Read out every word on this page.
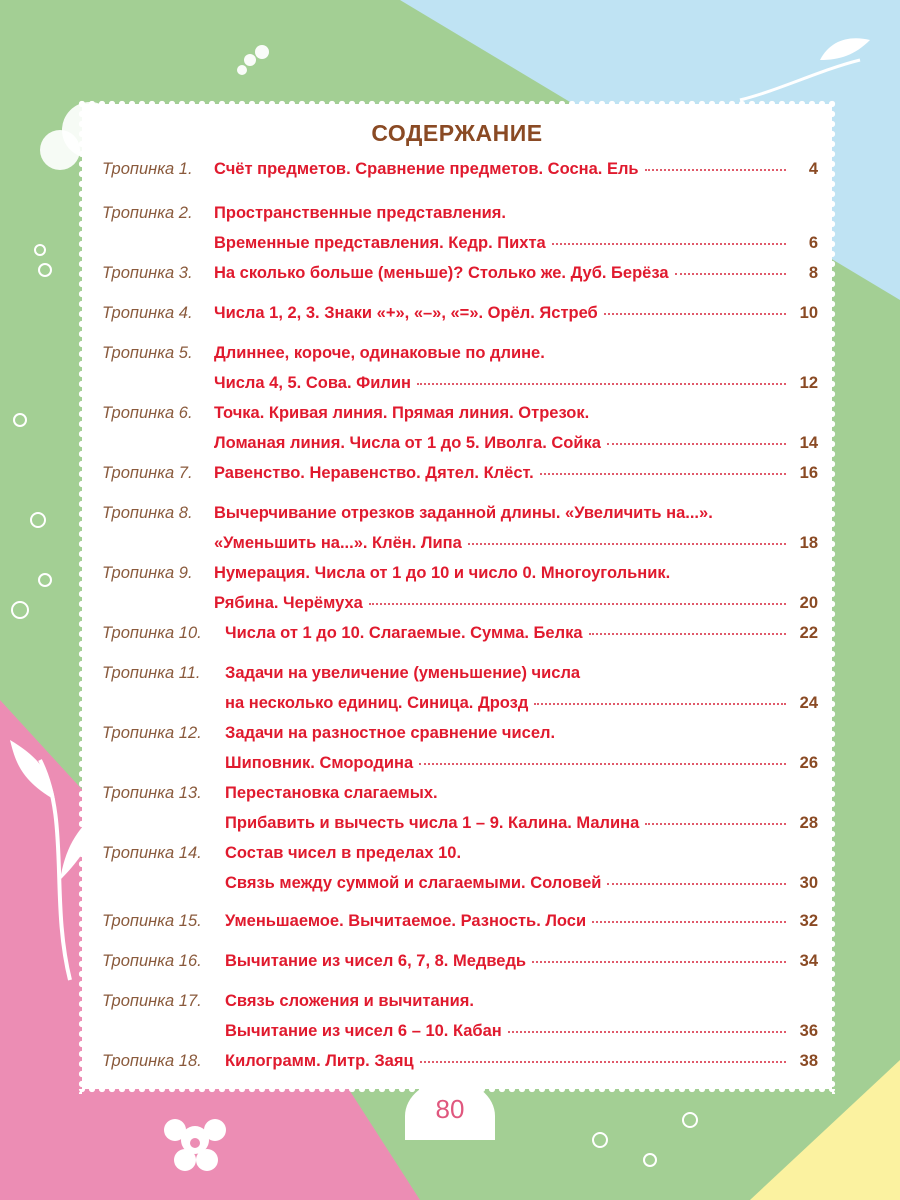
СОДЕРЖАНИЕ
Тропинка 1.	Счёт предметов. Сравнение предметов. Сосна. Ель	4
Тропинка 2.	Пространственные представления.
Временные представления. Кедр. Пихта	6
Тропинка 3.	На сколько больше (меньше)? Столько же. Дуб. Берёза	8
Тропинка 4.	Числа 1, 2, 3. Знаки «+», «–», «=». Орёл. Ястреб	10
Тропинка 5.	Длиннее, короче, одинаковые по длине.
Числа 4, 5. Сова. Филин	12
Тропинка 6.	Точка. Кривая линия. Прямая линия. Отрезок.
Ломаная линия. Числа от 1 до 5. Иволга. Сойка	14
Тропинка 7.	Равенство. Неравенство. Дятел. Клёст.	16
Тропинка 8.	Вычерчивание отрезков заданной длины. «Увеличить на...».
«Уменьшить на...». Клён. Липа	18
Тропинка 9.	Нумерация. Числа от 1 до 10 и число 0. Многоугольник.
Рябина. Черёмуха	20
Тропинка 10.	Числа от 1 до 10. Слагаемые. Сумма. Белка	22
Тропинка 11.	Задачи на увеличение (уменьшение) числа
на несколько единиц. Синица. Дрозд	24
Тропинка 12.	Задачи на разностное сравнение чисел.
Шиповник. Смородина	26
Тропинка 13.	Перестановка слагаемых.
Прибавить и вычесть числа 1 – 9. Калина. Малина	28
Тропинка 14.	Состав чисел в пределах 10.
Связь между суммой и слагаемыми. Соловей	30
Тропинка 15.	Уменьшаемое. Вычитаемое. Разность. Лоси	32
Тропинка 16.	Вычитание из чисел 6, 7, 8. Медведь	34
Тропинка 17.	Связь сложения и вычитания.
Вычитание из чисел 6 – 10. Кабан	36
Тропинка 18.	Килограмм. Литр. Заяц	38
80
